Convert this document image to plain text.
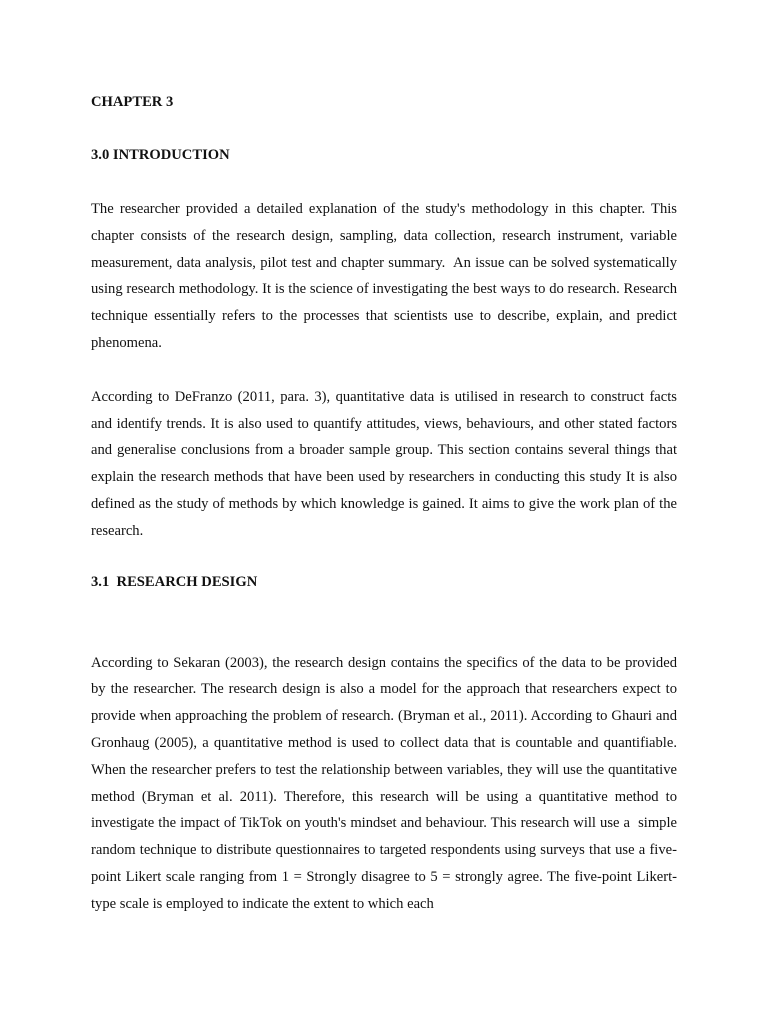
CHAPTER 3
3.0 INTRODUCTION

The researcher provided a detailed explanation of the study's methodology in this chapter. This chapter consists of the research design, sampling, data collection, research instrument, variable measurement, data analysis, pilot test and chapter summary.  An issue can be solved systematically using research methodology. It is the science of investigating the best ways to do research. Research technique essentially refers to the processes that scientists use to describe, explain, and predict phenomena.

According to DeFranzo (2011, para. 3), quantitative data is utilised in research to construct facts and identify trends. It is also used to quantify attitudes, views, behaviours, and other stated factors and generalise conclusions from a broader sample group. This section contains several things that explain the research methods that have been used by researchers in conducting this study It is also defined as the study of methods by which knowledge is gained. It aims to give the work plan of the research.

3.1  RESEARCH DESIGN

According to Sekaran (2003), the research design contains the specifics of the data to be provided by the researcher. The research design is also a model for the approach that researchers expect to provide when approaching the problem of research. (Bryman et al., 2011). According to Ghauri and Gronhaug (2005), a quantitative method is used to collect data that is countable and quantifiable. When the researcher prefers to test the relationship between variables, they will use the quantitative method (Bryman et al. 2011). Therefore, this research will be using a quantitative method to investigate the impact of TikTok on youth's mindset and behaviour. This research will use a  simple random technique to distribute questionnaires to targeted respondents using surveys that use a five-point Likert scale ranging from 1 = Strongly disagree to 5 = strongly agree. The five-point Likert-type scale is employed to indicate the extent to which each
